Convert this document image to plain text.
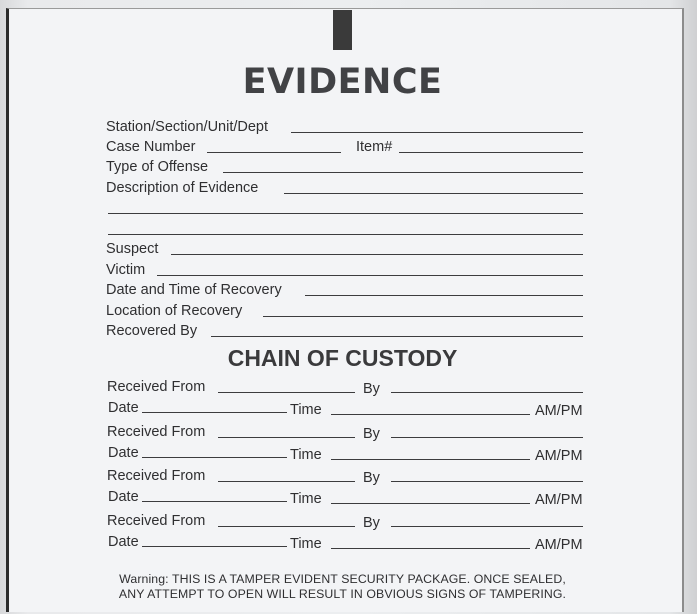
EVIDENCE
Station/Section/Unit/Dept
Case Number	Item#
Type of Offense
Description of Evidence
Suspect
Victim
Date and Time of Recovery
Location of Recovery
Recovered By
CHAIN OF CUSTODY
Received From	By
Date	Time	AM/PM
Received From	By
Date	Time	AM/PM
Received From	By
Date	Time	AM/PM
Received From	By
Date	Time	AM/PM
Warning: THIS IS A TAMPER EVIDENT SECURITY PACKAGE. ONCE SEALED,
ANY ATTEMPT TO OPEN WILL RESULT IN OBVIOUS SIGNS OF TAMPERING.
